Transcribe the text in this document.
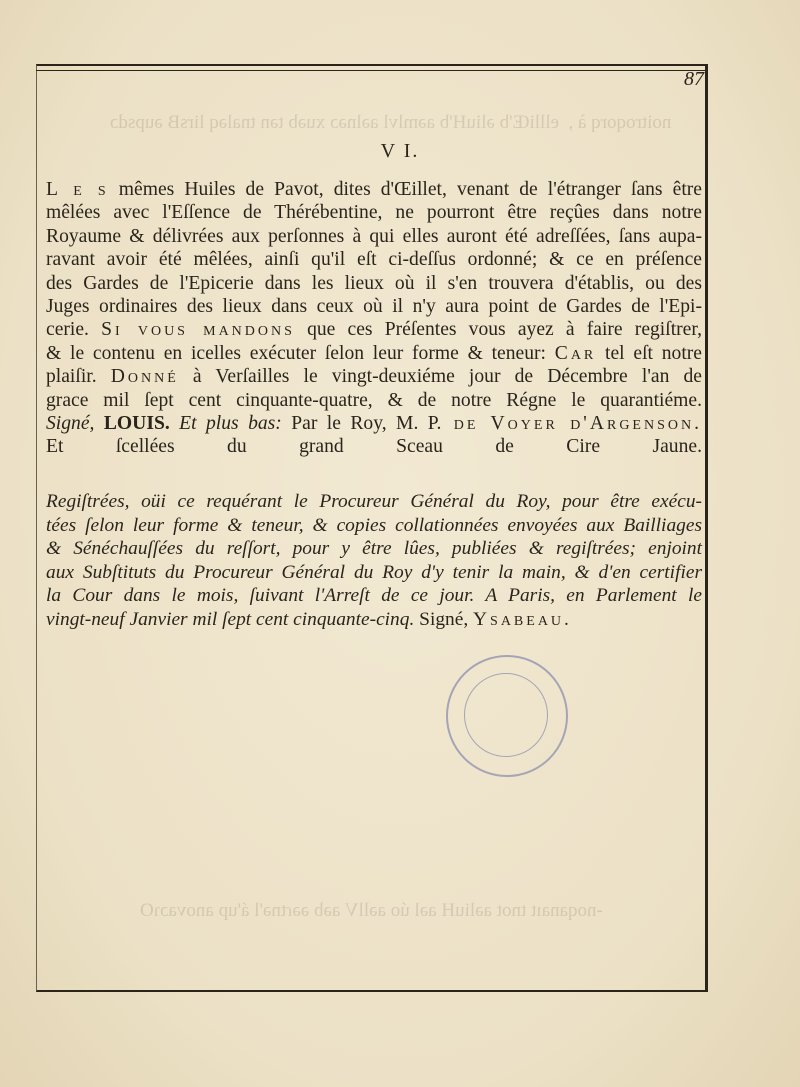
noitroqorq à ,  ellliŒ'b əliuH'b aəmlvl aəlnəɔ xuəb tən tnaləq lirsB əupsdɔ
-noqanaıt tnot aəliuH aəl úo aəllV aəb əəɾtnə'l á'up anovaɔɿO
87
V I.
L e s mêmes Huiles de Pavot, dites d'Œillet, venant de l'étranger ſans être
mêlées avec l'Eſſence de Thérébentine, ne pourront être reçûes dans notre
Royaume & délivrées aux perſonnes à qui elles auront été adreſſées, ſans aupa-
ravant avoir été mêlées, ainſi qu'il eſt ci-deſſus ordonné; & ce en préſence
des Gardes de l'Epicerie dans les lieux où il s'en trouvera d'établis, ou des
Juges ordinaires des lieux dans ceux où il n'y aura point de Gardes de l'Epi-
cerie. Si vous mandons que ces Préſentes vous ayez à faire regiſtrer,
& le contenu en icelles exécuter ſelon leur forme & teneur: Car tel eſt notre
plaiſir. Donné à Verſailles le vingt-deuxiéme jour de Décembre l'an de
grace mil ſept cent cinquante-quatre, & de notre Régne le quarantiéme.
Signé, LOUIS. Et plus bas: Par le Roy, M. P. de Voyer d'Argenson.
Et ſcellées du grand Sceau de Cire Jaune.
Regiſtrées, oüi ce requérant le Procureur Général du Roy, pour être exécu-
tées ſelon leur forme & teneur, & copies collationnées envoyées aux Bailliages
& Sénéchauſſées du reſſort, pour y être lûes, publiées & regiſtrées; enjoint
aux Subſtituts du Procureur Général du Roy d'y tenir la main, & d'en certifier
la Cour dans le mois, ſuivant l'Arreſt de ce jour. A Paris, en Parlement le
vingt-neuf Janvier mil ſept cent cinquante-cinq. Signé, Ysabeau.
​
